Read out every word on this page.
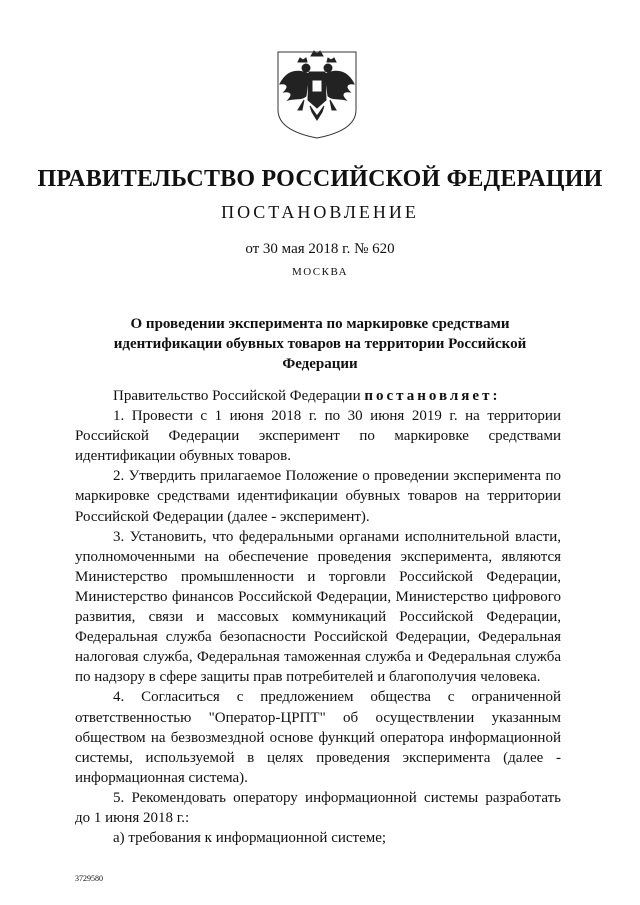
ПРАВИТЕЛЬСТВО РОССИЙСКОЙ ФЕДЕРАЦИИ
ПОСТАНОВЛЕНИЕ
от 30 мая 2018 г. № 620
МОСКВА
О проведении эксперимента по маркировке средствами идентификации обувных товаров на территории Российской Федерации

Правительство Российской Федерации постановляет:

1. Провести с 1 июня 2018 г. по 30 июня 2019 г. на территории Российской Федерации эксперимент по маркировке средствами идентификации обувных товаров.

2. Утвердить прилагаемое Положение о проведении эксперимента по маркировке средствами идентификации обувных товаров на территории Российской Федерации (далее - эксперимент).

3. Установить, что федеральными органами исполнительной власти, уполномоченными на обеспечение проведения эксперимента, являются Министерство промышленности и торговли Российской Федерации, Министерство финансов Российской Федерации, Министерство цифрового развития, связи и массовых коммуникаций Российской Федерации, Федеральная служба безопасности Российской Федерации, Федеральная налоговая служба, Федеральная таможенная служба и Федеральная служба по надзору в сфере защиты прав потребителей и благополучия человека.

4. Согласиться с предложением общества с ограниченной ответственностью "Оператор-ЦРПТ" об осуществлении указанным обществом на безвозмездной основе функций оператора информационной системы, используемой в целях проведения эксперимента (далее - информационная система).

5. Рекомендовать оператору информационной системы разработать до 1 июня 2018 г.:

а) требования к информационной системе;

3729580
